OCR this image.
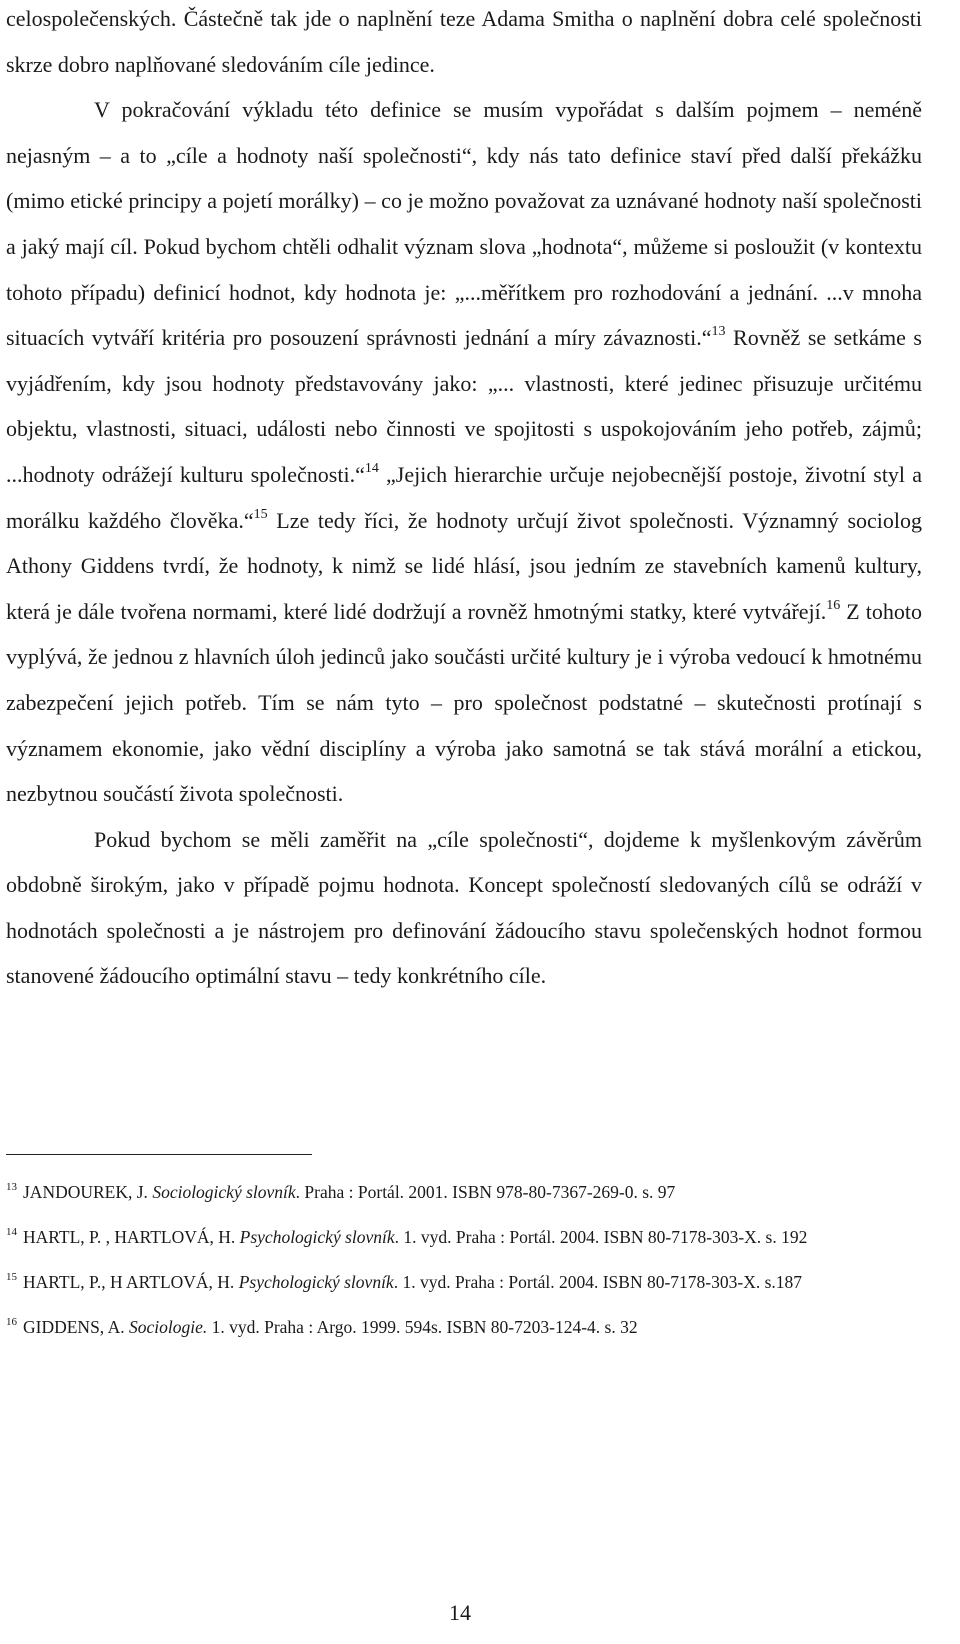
celospolečenských. Částečně tak jde o naplnění teze Adama Smitha o naplnění dobra celé společnosti skrze dobro naplňované sledováním cíle jedince.

V pokračování výkladu této definice se musím vypořádat s dalším pojmem – neméně nejasným – a to „cíle a hodnoty naší společnosti“, kdy nás tato definice staví před další překážku (mimo etické principy a pojetí morálky) – co je možno považovat za uznávané hodnoty naší společnosti a jaký mají cíl. Pokud bychom chtěli odhalit význam slova „hodnota“, můžeme si posloužit (v kontextu tohoto případu) definicí hodnot, kdy hodnota je: „...měřítkem pro rozhodování a jednání. ...v mnoha situacích vytváří kritéria pro posouzení správnosti jednání a míry závaznosti.“$^{13}$ Rovněž se setkáme s vyjádřením, kdy jsou hodnoty představovány jako: „... vlastnosti, které jedinec přisuzuje určitému objektu, vlastnosti, situaci, události nebo činnosti ve spojitosti s uspokojováním jeho potřeb, zájmů; ...hodnoty odrážejí kulturu společnosti.“$^{14}$ „Jejich hierarchie určuje nejobecnější postoje, životní styl a morálku každého člověka.“$^{15}$ Lze tedy říci, že hodnoty určují život společnosti. Významný sociolog Athony Giddens tvrdí, že hodnoty, k nimž se lidé hlásí, jsou jedním ze stavebních kamenů kultury, která je dále tvořena normami, které lidé dodržují a rovněž hmotnými statky, které vytvářejí.$^{16}$ Z tohoto vyplývá, že jednou z hlavních úloh jedinců jako součásti určité kultury je i výroba vedoucí k hmotnému zabezpečení jejich potřeb. Tím se nám tyto – pro společnost podstatné – skutečnosti protínají s významem ekonomie, jako vědní disciplíny a výroba jako samotná se tak stává morální a etickou, nezbytnou součástí života společnosti.

Pokud bychom se měli zaměřit na „cíle společnosti“, dojdeme k myšlenkovým závěrům obdobně širokým, jako v případě pojmu hodnota. Koncept společností sledovaných cílů se odráží v hodnotách společnosti a je nástrojem pro definování žádoucího stavu společenských hodnot formou stanovené žádoucího optimální stavu – tedy konkrétního cíle.

$^{13}$ JANDOUREK, J. Sociologický slovník. Praha : Portál. 2001. ISBN 978-80-7367-269-0. s. 97
$^{14}$ HARTL, P. , HARTLOVÁ, H. Psychologický slovník. 1. vyd. Praha : Portál. 2004. ISBN 80-7178-303-X. s. 192
$^{15}$ HARTL, P., H ARTLOVÁ, H. Psychologický slovník. 1. vyd. Praha : Portál. 2004. ISBN 80-7178-303-X. s.187
$^{16}$ GIDDENS, A. Sociologie. 1. vyd. Praha : Argo. 1999. 594s. ISBN 80-7203-124-4. s. 32
14
